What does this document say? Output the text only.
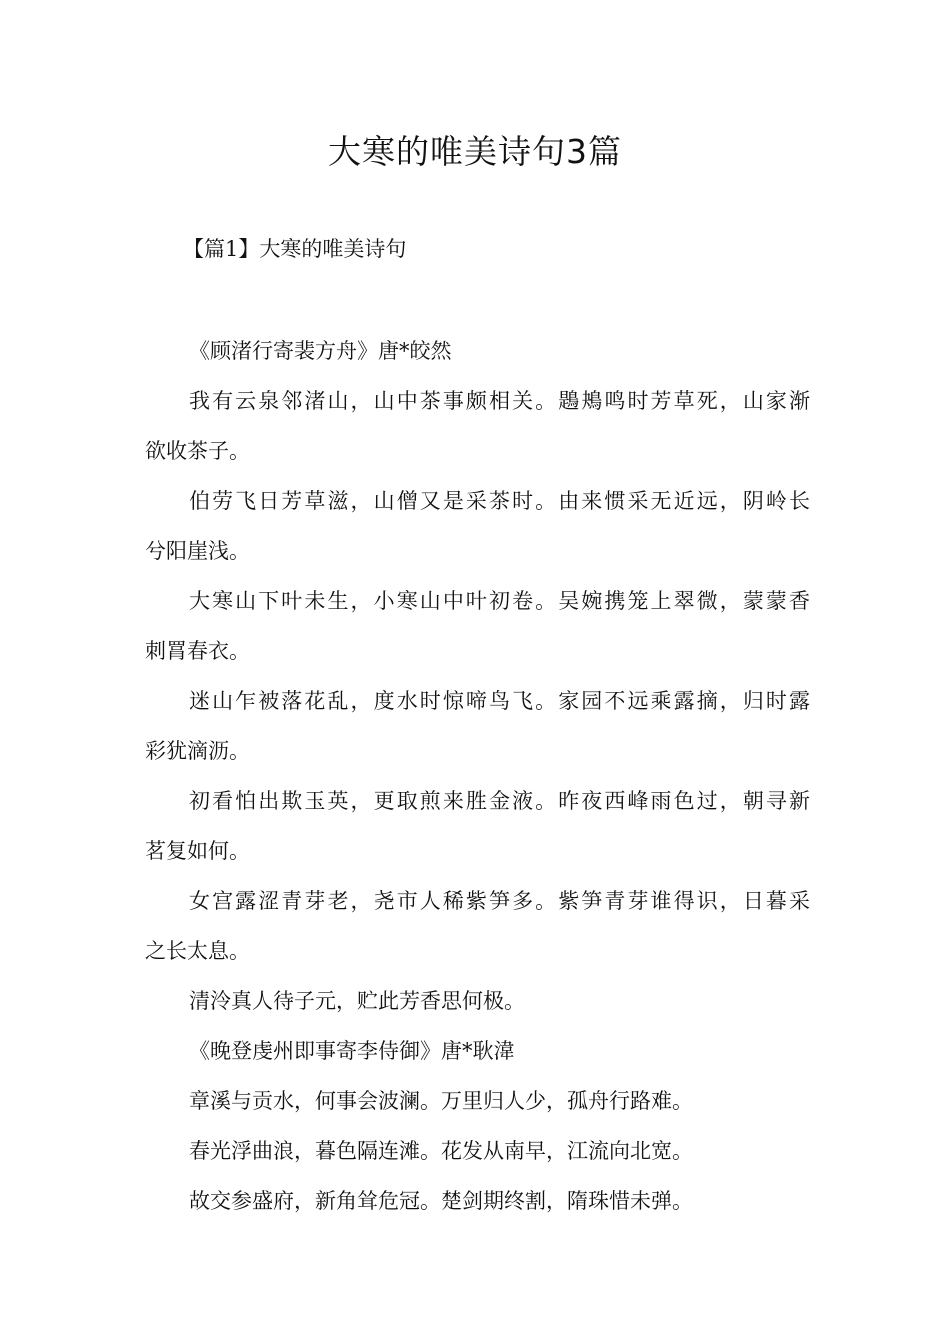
大寒的唯美诗句3篇
【篇1】大寒的唯美诗句
《顾渚行寄裴方舟》唐*皎然
我有云泉邻渚山，山中茶事颇相关。鶗鴂鸣时芳草死，山家渐
欲收茶子。
伯劳飞日芳草滋，山僧又是采茶时。由来惯采无近远，阴岭长
兮阳崖浅。
大寒山下叶未生，小寒山中叶初卷。吴婉携笼上翠微，蒙蒙香
刺罥春衣。
迷山乍被落花乱，度水时惊啼鸟飞。家园不远乘露摘，归时露
彩犹滴沥。
初看怕出欺玉英，更取煎来胜金液。昨夜西峰雨色过，朝寻新
茗复如何。
女宫露涩青芽老，尧市人稀紫笋多。紫笋青芽谁得识，日暮采
之长太息。
清泠真人待子元，贮此芳香思何极。
《晚登虔州即事寄李侍御》唐*耿湋
章溪与贡水，何事会波澜。万里归人少，孤舟行路难。
春光浮曲浪，暮色隔连滩。花发从南早，江流向北宽。
故交参盛府，新角耸危冠。楚剑期终割，隋珠惜未弹。
